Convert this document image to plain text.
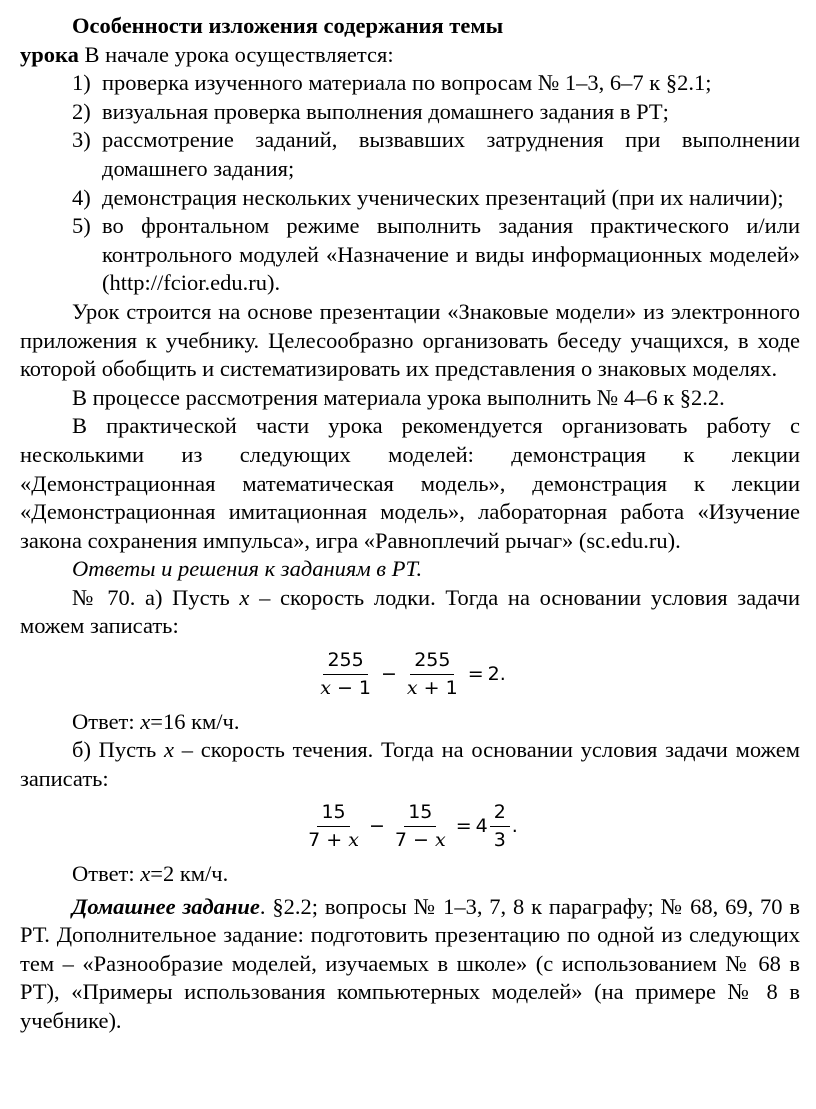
Особенности изложения содержания темы

урока В начале урока осуществляется:

1) проверка изученного материала по вопросам № 1–3, 6–7 к §2.1;
2) визуальная проверка выполнения домашнего задания в РТ;
3) рассмотрение заданий, вызвавших затруднения при выполнении домашнего задания;
4) демонстрация нескольких ученических презентаций (при их наличии);
5) во фронтальном режиме выполнить задания практического и/или контрольного модулей «Назначение и виды информационных моделей» (http://fcior.edu.ru).

Урок строится на основе презентации «Знаковые модели» из электронного приложения к учебнику. Целесообразно организовать беседу учащихся, в ходе которой обобщить и систематизировать их представления о знаковых моделях.

В процессе рассмотрения материала урока выполнить № 4–6 к §2.2.

В практической части урока рекомендуется организовать работу с несколькими из следующих моделей: демонстрация к лекции «Демонстрационная математическая модель», демонстрация к лекции «Демонстрационная имитационная модель», лабораторная работа «Изучение закона сохранения импульса», игра «Равноплечий рычаг» (sc.edu.ru).

Ответы и решения к заданиям в РТ.

№ 70. а) Пусть x – скорость лодки. Тогда на основании условия задачи можем записать:

$\frac{255}{x - 1} - \frac{255}{x + 1} = 2$.

Ответ: x=16 км/ч.

б) Пусть x – скорость течения. Тогда на основании условия задачи можем записать:

$\frac{15}{7 + x} - \frac{15}{7 - x} = 4 \frac{2}{3}$ .

Ответ: x=2 км/ч.

Домашнее задание. §2.2; вопросы № 1–3, 7, 8 к параграфу; № 68, 69, 70 в РТ. Дополнительное задание: подготовить презентацию по одной из следующих тем – «Разнообразие моделей, изучаемых в школе» (с использованием № 68 в РТ), «Примеры использования компьютерных моделей» (на примере № 8 в учебнике).
